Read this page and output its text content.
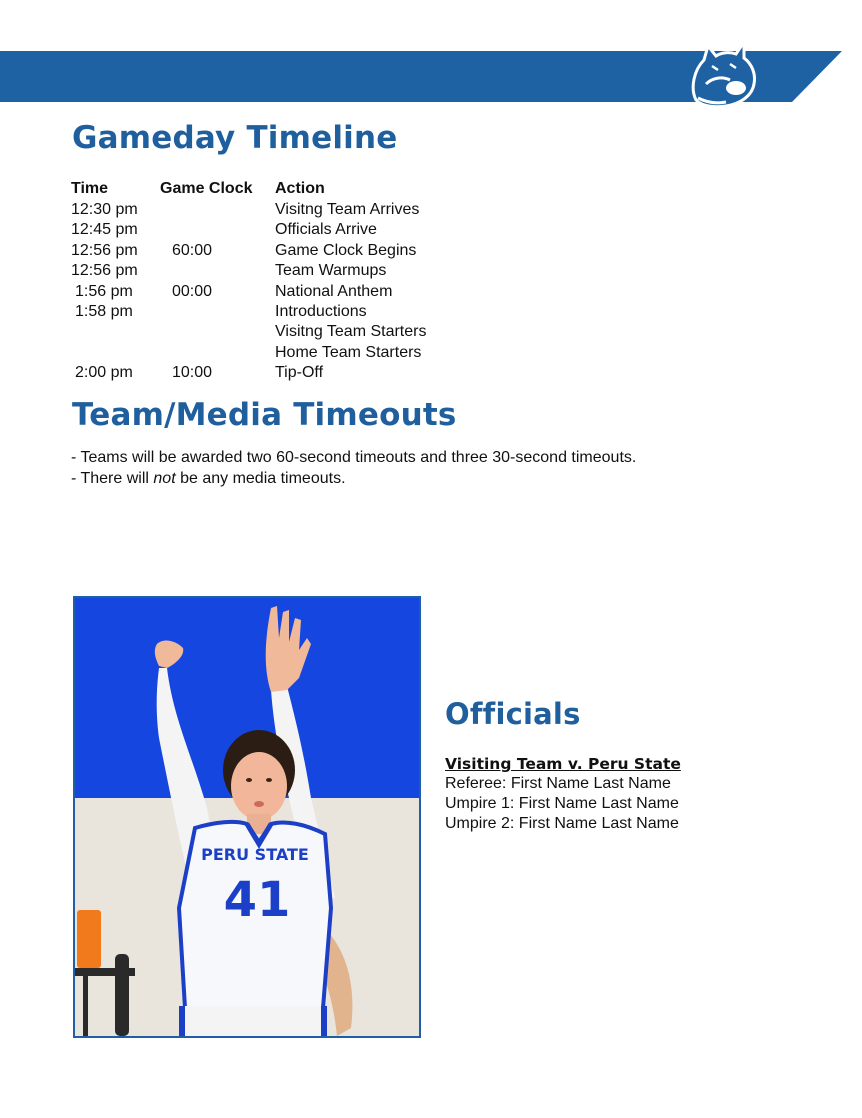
Gameday Timeline
Time	Game Clock Action
12:30 pm	Visitng Team Arrives
12:45 pm	Officials Arrive
12:56 pm 60:00	Game Clock Begins
12:56 pm	Team Warmups
1:56 pm 00:00	National Anthem
1:58 pm	Introductions
Visitng Team Starters
Home Team Starters
2:00 pm 10:00	Tip-Off
Team/Media Timeouts

- Teams will be awarded two 60-second timeouts and three 30-second timeouts.

- There will not be any media timeouts.

PERU STATE
41
Officials

Visiting Team v. Peru State

Referee: First Name Last Name

Umpire 1: First Name Last Name

Umpire 2: First Name Last Name
